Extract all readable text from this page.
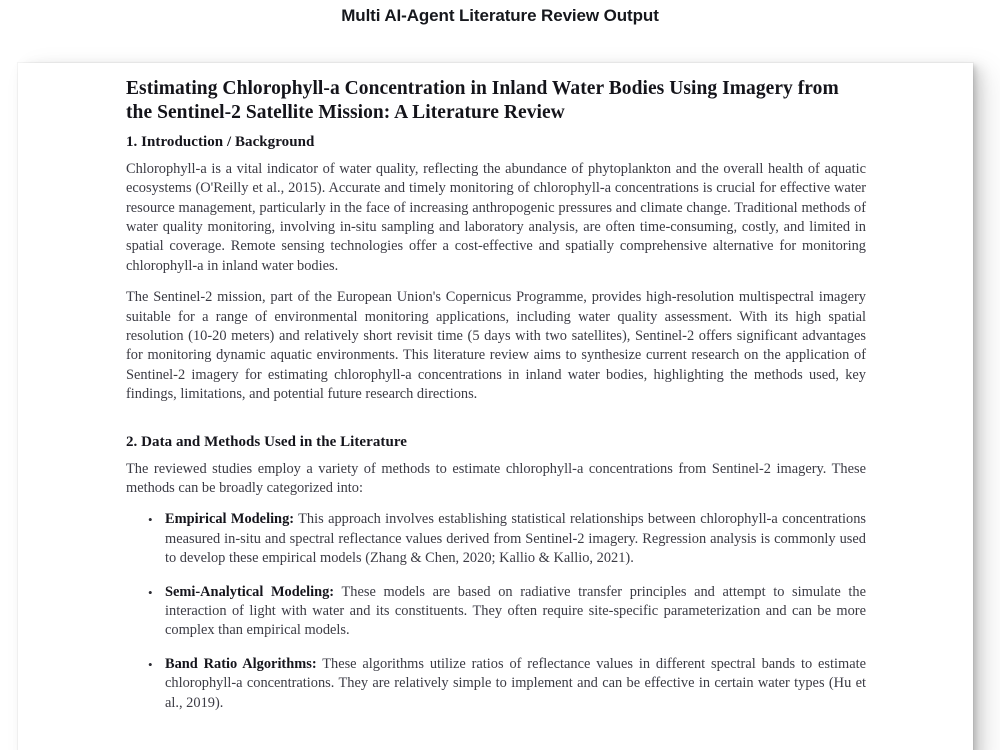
Multi AI-Agent Literature Review Output
Estimating Chlorophyll-a Concentration in Inland Water Bodies Using Imagery from the Sentinel-2 Satellite Mission: A Literature Review
1. Introduction / Background

Chlorophyll-a is a vital indicator of water quality, reflecting the abundance of phytoplankton and the overall health of aquatic ecosystems (O'Reilly et al., 2015). Accurate and timely monitoring of chlorophyll-a concentrations is crucial for effective water resource management, particularly in the face of increasing anthropogenic pressures and climate change. Traditional methods of water quality monitoring, involving in-situ sampling and laboratory analysis, are often time-consuming, costly, and limited in spatial coverage. Remote sensing technologies offer a cost-effective and spatially comprehensive alternative for monitoring chlorophyll-a in inland water bodies.

The Sentinel-2 mission, part of the European Union's Copernicus Programme, provides high-resolution multispectral imagery suitable for a range of environmental monitoring applications, including water quality assessment. With its high spatial resolution (10-20 meters) and relatively short revisit time (5 days with two satellites), Sentinel-2 offers significant advantages for monitoring dynamic aquatic environments. This literature review aims to synthesize current research on the application of Sentinel-2 imagery for estimating chlorophyll-a concentrations in inland water bodies, highlighting the methods used, key findings, limitations, and potential future research directions.

2. Data and Methods Used in the Literature

The reviewed studies employ a variety of methods to estimate chlorophyll-a concentrations from Sentinel-2 imagery. These methods can be broadly categorized into:

• Empirical Modeling: This approach involves establishing statistical relationships between chlorophyll-a concentrations measured in-situ and spectral reflectance values derived from Sentinel-2 imagery. Regression analysis is commonly used to develop these empirical models (Zhang & Chen, 2020; Kallio & Kallio, 2021).
• Semi-Analytical Modeling: These models are based on radiative transfer principles and attempt to simulate the interaction of light with water and its constituents. They often require site-specific parameterization and can be more complex than empirical models.
• Band Ratio Algorithms: These algorithms utilize ratios of reflectance values in different spectral bands to estimate chlorophyll-a concentrations. They are relatively simple to implement and can be effective in certain water types (Hu et al., 2019).
